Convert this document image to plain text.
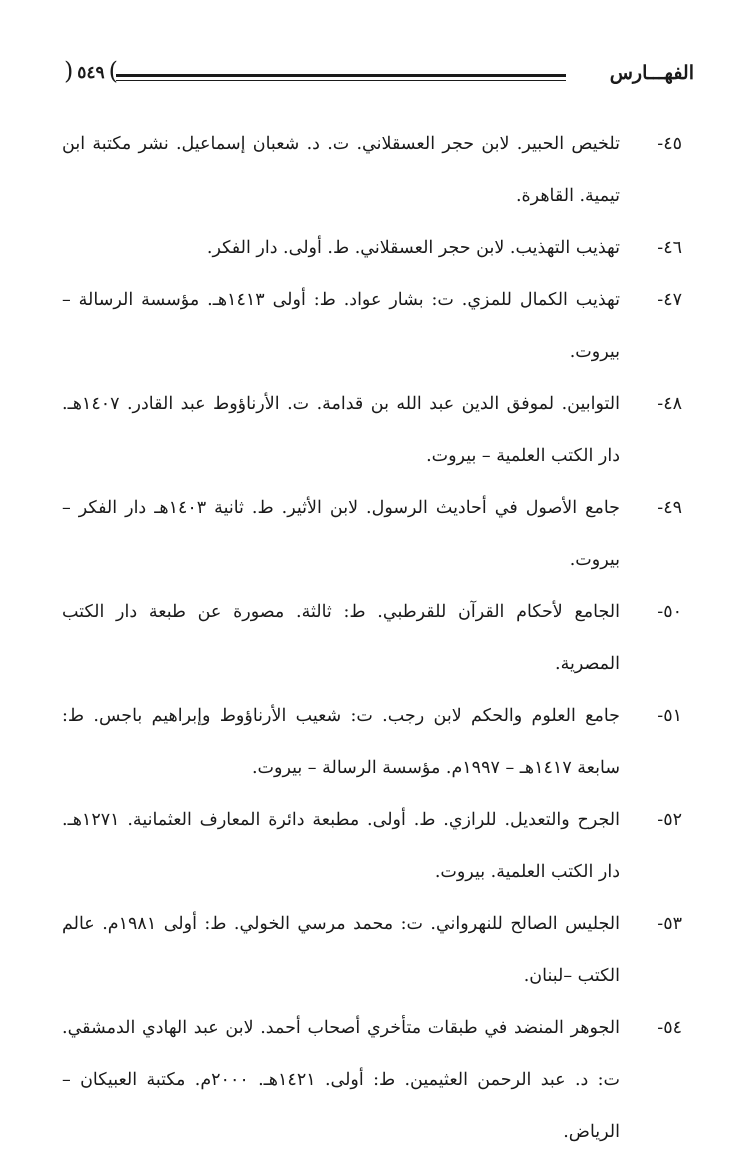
الفهـــارس
( ٥٤٩ )

٤٥-
تلخيص الحبير. لابن حجر العسقلاني. ت. د. شعبان إسماعيل. نشر مكتبة ابن تيمية. القاهرة.

٤٦-
تهذيب التهذيب. لابن حجر العسقلاني. ط. أولى. دار الفكر.

٤٧-
تهذيب الكمال للمزي. ت: بشار عواد. ط: أولى ١٤١٣هـ. مؤسسة الرسالة – بيروت.

٤٨-
التوابين. لموفق الدين عبد الله بن قدامة. ت. الأرناؤوط عبد القادر. ١٤٠٧هـ. دار الكتب العلمية – بيروت.

٤٩-
جامع الأصول في أحاديث الرسول. لابن الأثير. ط. ثانية ١٤٠٣هـ دار الفكر – بيروت.

٥٠-
الجامع لأحكام القرآن للقرطبي. ط: ثالثة. مصورة عن طبعة دار الكتب المصرية.

٥١-
جامع العلوم والحكم لابن رجب. ت: شعيب الأرناؤوط وإبراهيم باجس. ط: سابعة ١٤١٧هـ – ١٩٩٧م. مؤسسة الرسالة – بيروت.

٥٢-
الجرح والتعديل. للرازي. ط. أولى. مطبعة دائرة المعارف العثمانية. ١٢٧١هـ. دار الكتب العلمية. بيروت.

٥٣-
الجليس الصالح للنهرواني. ت: محمد مرسي الخولي. ط: أولى ١٩٨١م. عالم الكتب –لبنان.

٥٤-
الجوهر المنضد في طبقات متأخري أصحاب أحمد. لابن عبد الهادي الدمشقي. ت: د. عبد الرحمن العثيمين. ط: أولى. ١٤٢١هـ. ٢٠٠٠م. مكتبة العبيكان – الرياض.
